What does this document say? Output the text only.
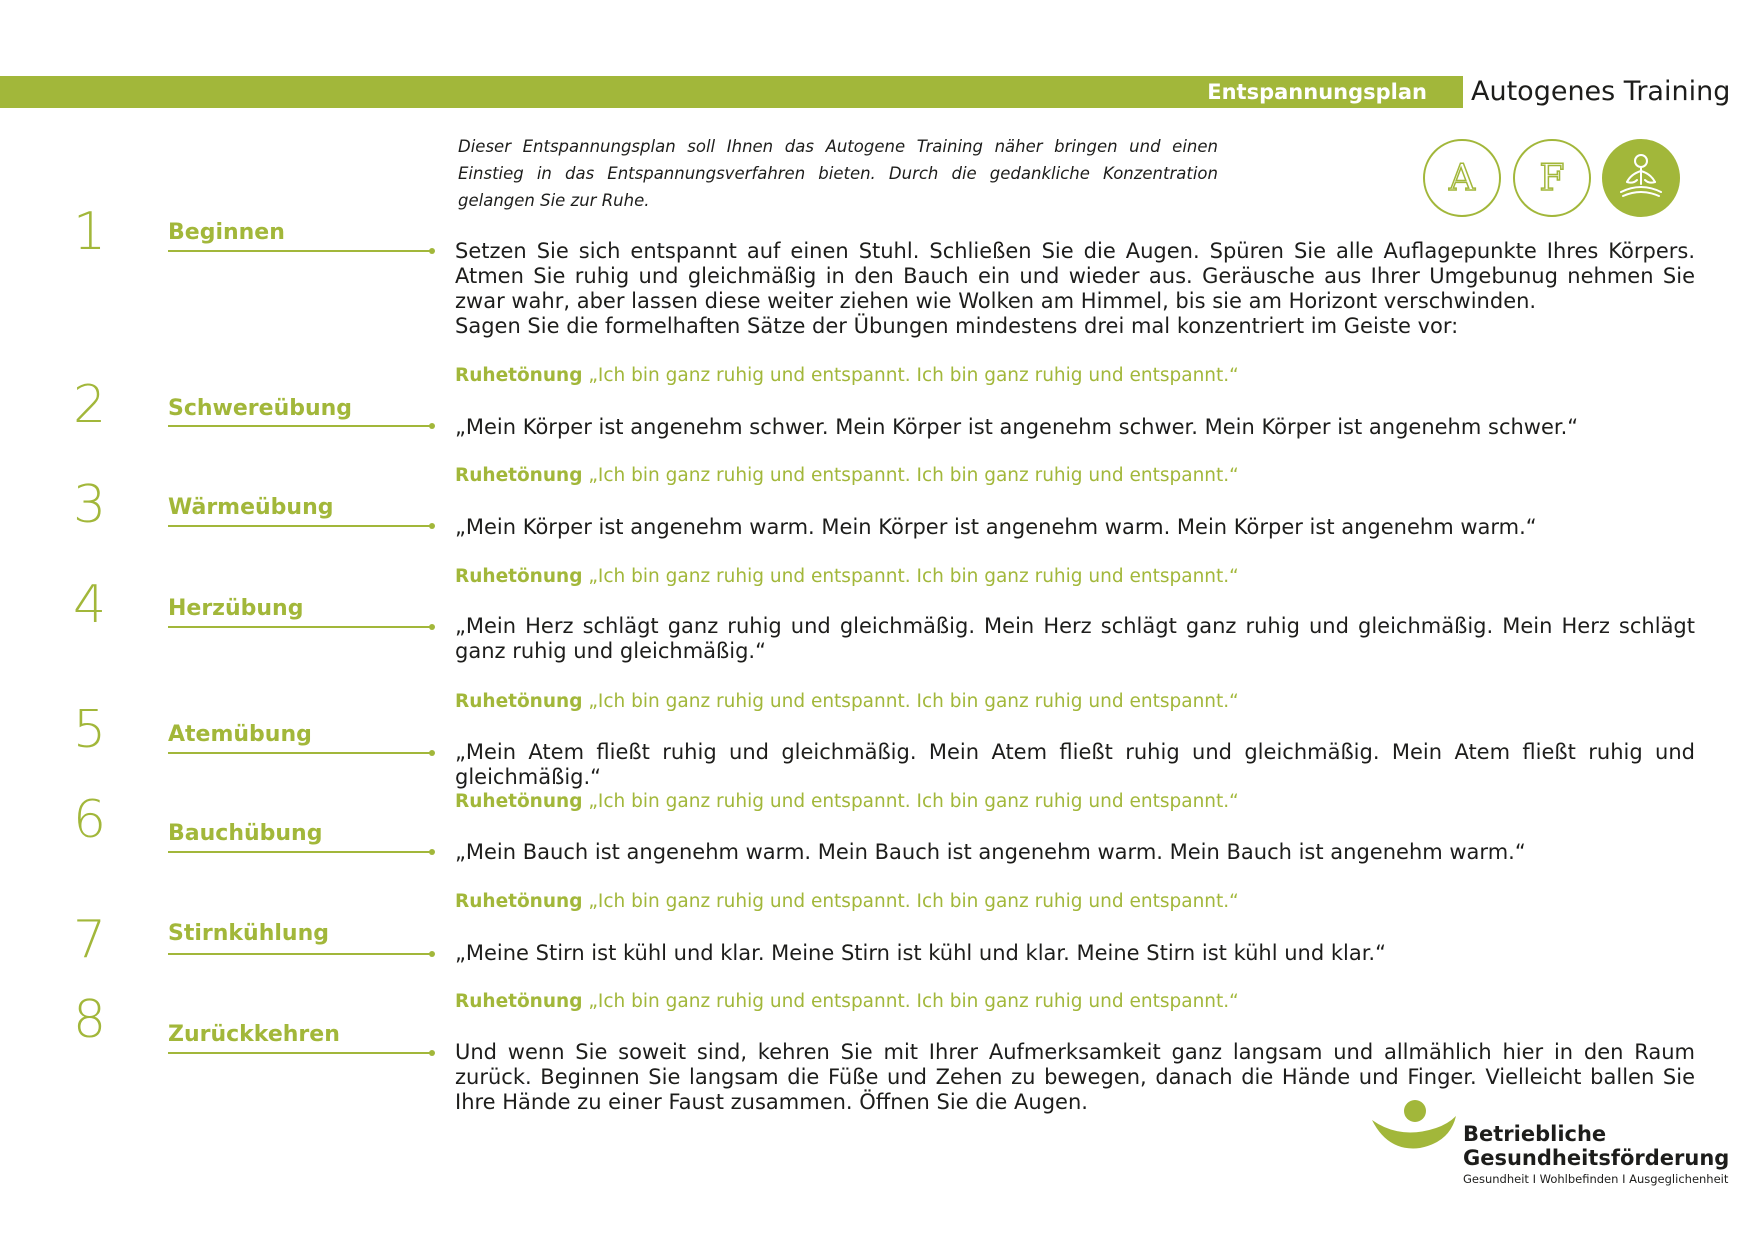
Entspannungsplan	Autogenes Training
Dieser Entspannungsplan soll Ihnen das Autogene Training näher bringen und einen Einstieg in das Entspannungsverfahren bieten. Durch die gedankliche Konzentration gelangen Sie zur Ruhe.
A F
1
2
3
4
5
6
7
8
Beginnen
Schwereübung
Wärmeübung
Herzübung
Atemübung
Bauchübung
Stirnkühlung
Zurückkehren
Setzen Sie sich entspannt auf einen Stuhl. Schließen Sie die Augen. Spüren Sie alle Auflagepunkte Ihres Körpers. Atmen Sie ruhig und gleichmäßig in den Bauch ein und wieder aus. Geräusche aus Ihrer Umgebunug nehmen Sie zwar wahr, aber lassen diese weiter ziehen wie Wolken am Himmel, bis sie am Horizont verschwinden.
Sagen Sie die formelhaften Sätze der Übungen mindestens drei mal konzentriert im Geiste vor:
Ruhetönung „Ich bin ganz ruhig und entspannt. Ich bin ganz ruhig und entspannt.“
„Mein Körper ist angenehm schwer. Mein Körper ist angenehm schwer. Mein Körper ist angenehm schwer.“
Ruhetönung „Ich bin ganz ruhig und entspannt. Ich bin ganz ruhig und entspannt.“
„Mein Körper ist angenehm warm. Mein Körper ist angenehm warm. Mein Körper ist angenehm warm.“
Ruhetönung „Ich bin ganz ruhig und entspannt. Ich bin ganz ruhig und entspannt.“
„Mein Herz schlägt ganz ruhig und gleichmäßig. Mein Herz schlägt ganz ruhig und gleichmäßig. Mein Herz schlägt ganz ruhig und gleichmäßig.“
Ruhetönung „Ich bin ganz ruhig und entspannt. Ich bin ganz ruhig und entspannt.“
„Mein Atem fließt ruhig und gleichmäßig. Mein Atem fließt ruhig und gleichmäßig. Mein Atem fließt ruhig und gleichmäßig.“
Ruhetönung „Ich bin ganz ruhig und entspannt. Ich bin ganz ruhig und entspannt.“
„Mein Bauch ist angenehm warm. Mein Bauch ist angenehm warm. Mein Bauch ist angenehm warm.“
Ruhetönung „Ich bin ganz ruhig und entspannt. Ich bin ganz ruhig und entspannt.“
„Meine Stirn ist kühl und klar. Meine Stirn ist kühl und klar. Meine Stirn ist kühl und klar.“
Ruhetönung „Ich bin ganz ruhig und entspannt. Ich bin ganz ruhig und entspannt.“
Und wenn Sie soweit sind, kehren Sie mit Ihrer Aufmerksamkeit ganz langsam und allmählich hier in den Raum zurück. Beginnen Sie langsam die Füße und Zehen zu bewegen, danach die Hände und Finger. Vielleicht ballen Sie Ihre Hände zu einer Faust zusammen. Öffnen Sie die Augen.
Betriebliche
Gesundheitsförderung
Gesundheit I Wohlbefinden I Ausgeglichenheit
